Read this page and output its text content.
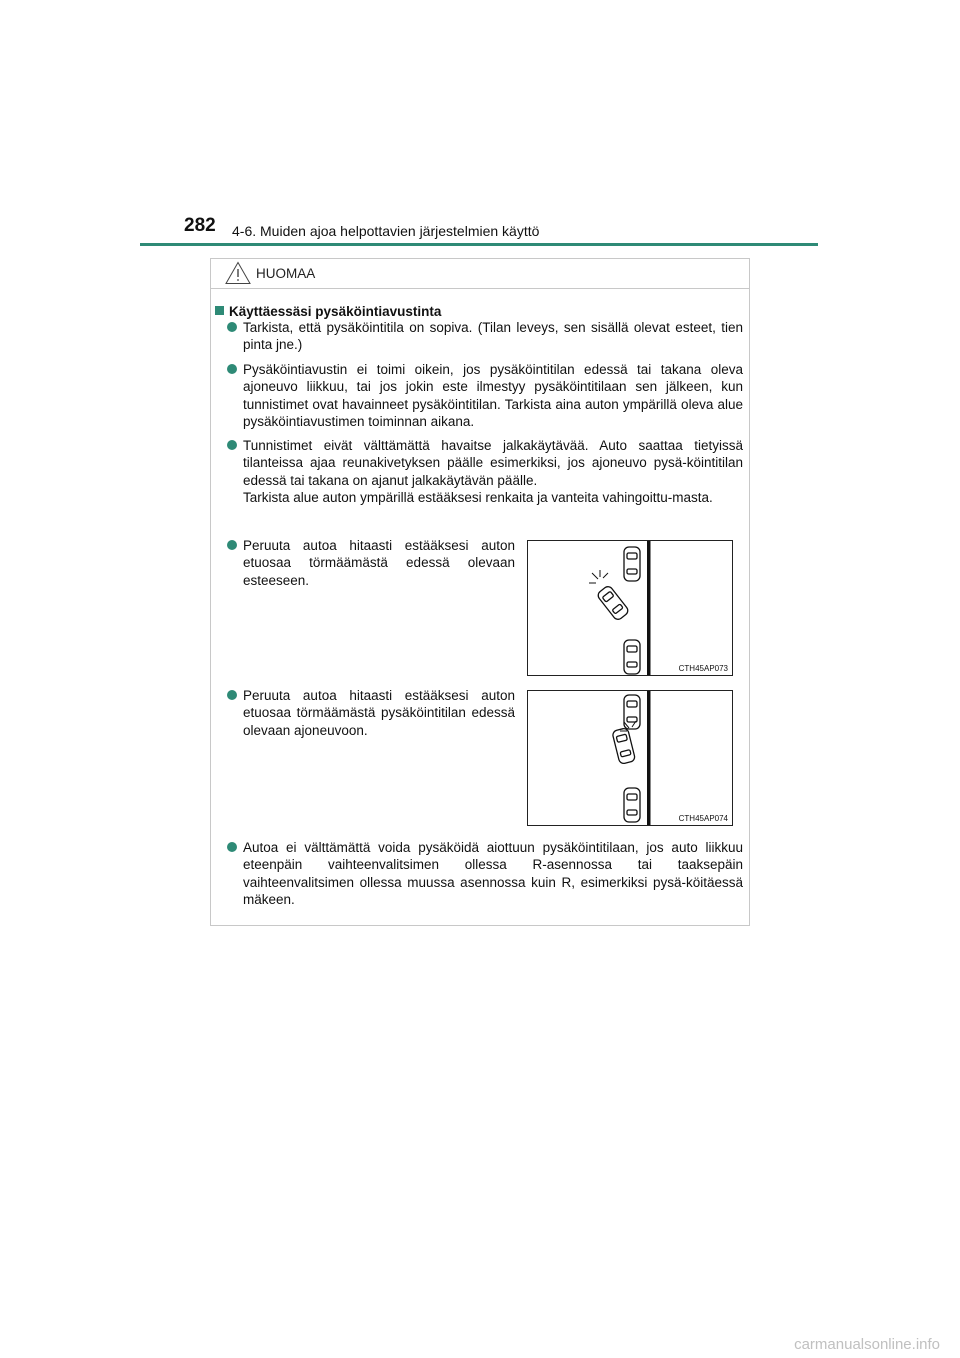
282 4-6. Muiden ajoa helpottavien järjestelmien käyttö
HUOMAA
Käyttäessäsi pysäköintiavustinta
Tarkista, että pysäköintitila on sopiva. (Tilan leveys, sen sisällä olevat esteet, tien pinta jne.)
Pysäköintiavustin ei toimi oikein, jos pysäköintitilan edessä tai takana oleva ajoneuvo liikkuu, tai jos jokin este ilmestyy pysäköintitilaan sen jälkeen, kun tunnistimet ovat havainneet pysäköintitilan. Tarkista aina auton ympärillä oleva alue pysäköintiavustimen toiminnan aikana.
Tunnistimet eivät välttämättä havaitse jalkakäytävää. Auto saattaa tietyissä tilanteissa ajaa reunakivetyksen päälle esimerkiksi, jos ajoneuvo pysä-köintitilan edessä tai takana on ajanut jalkakäytävän päälle.
Tarkista alue auton ympärillä estääksesi renkaita ja vanteita vahingoittu-masta.
Peruuta autoa hitaasti estääksesi auton etuosaa törmäämästä edessä olevaan esteeseen.
Peruuta autoa hitaasti estääksesi auton etuosaa törmäämästä pysäköintitilan edessä olevaan ajoneuvoon.
Autoa ei välttämättä voida pysäköidä aiottuun pysäköintitilaan, jos auto liikkuu eteenpäin vaihteenvalitsimen ollessa R-asennossa tai taaksepäin vaihteenvalitsimen ollessa muussa asennossa kuin R, esimerkiksi pysä-köitäessä mäkeen.
CTH45AP073
CTH45AP074
carmanualsonline.info
